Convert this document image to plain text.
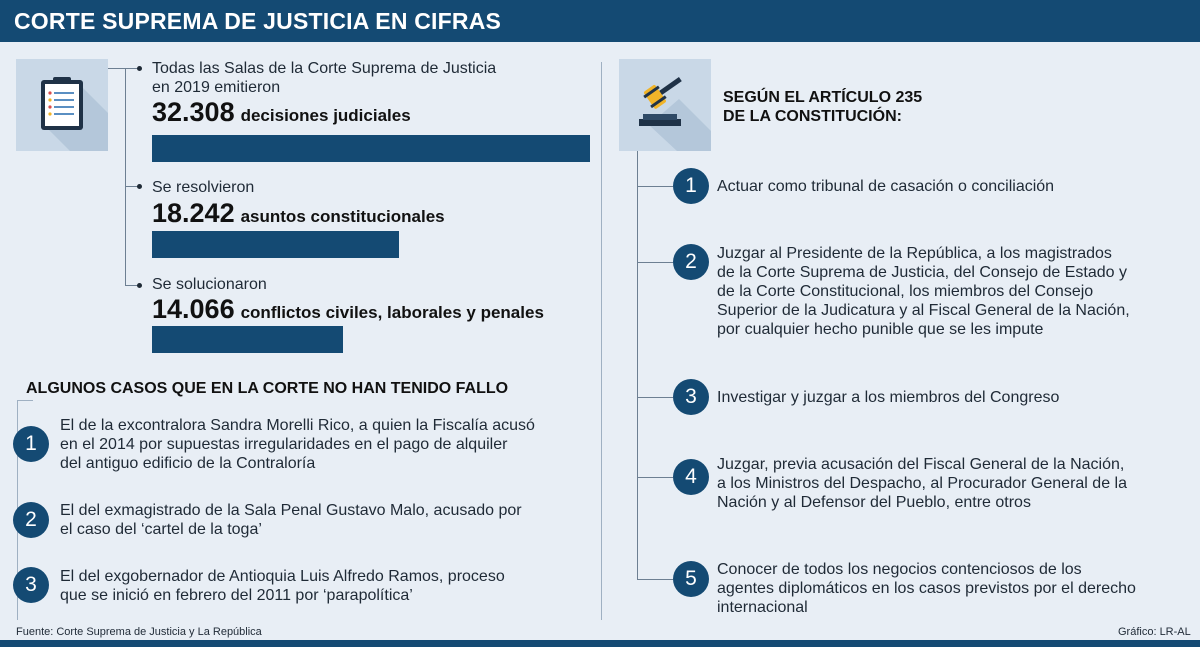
CORTE SUPREMA DE JUSTICIA EN CIFRAS
Todas las Salas de la Corte Suprema de Justicia
en 2019 emitieron
32.308 decisiones judiciales
Se resolvieron
18.242 asuntos constitucionales
Se solucionaron
14.066 conflictos civiles, laborales y penales
ALGUNOS CASOS QUE EN LA CORTE NO HAN TENIDO FALLO
1
El de la excontralora Sandra Morelli Rico, a quien la Fiscalía acusó
en el 2014 por supuestas irregularidades en el pago de alquiler
del antiguo edificio de la Contraloría
2	El del exmagistrado de la Sala Penal Gustavo Malo, acusado por
el caso del ‘cartel de la toga’
3	El del exgobernador de Antioquia Luis Alfredo Ramos, proceso
que se inició en febrero del 2011 por ‘parapolítica’
SEGÚN EL ARTÍCULO 235
DE LA CONSTITUCIÓN:
1	Actuar como tribunal de casación o conciliación
2	Juzgar al Presidente de la República, a los magistrados
de la Corte Suprema de Justicia, del Consejo de Estado y
de la Corte Constitucional, los miembros del Consejo
Superior de la Judicatura y al Fiscal General de la Nación,
por cualquier hecho punible que se les impute
3	Investigar y juzgar a los miembros del Congreso
4
Juzgar, previa acusación del Fiscal General de la Nación,
a los Ministros del Despacho, al Procurador General de la
Nación y al Defensor del Pueblo, entre otros
5	Conocer de todos los negocios contenciosos de los
agentes diplomáticos en los casos previstos por el derecho
internacional
Fuente: Corte Suprema de Justicia y La República	Gráfico: LR-AL
